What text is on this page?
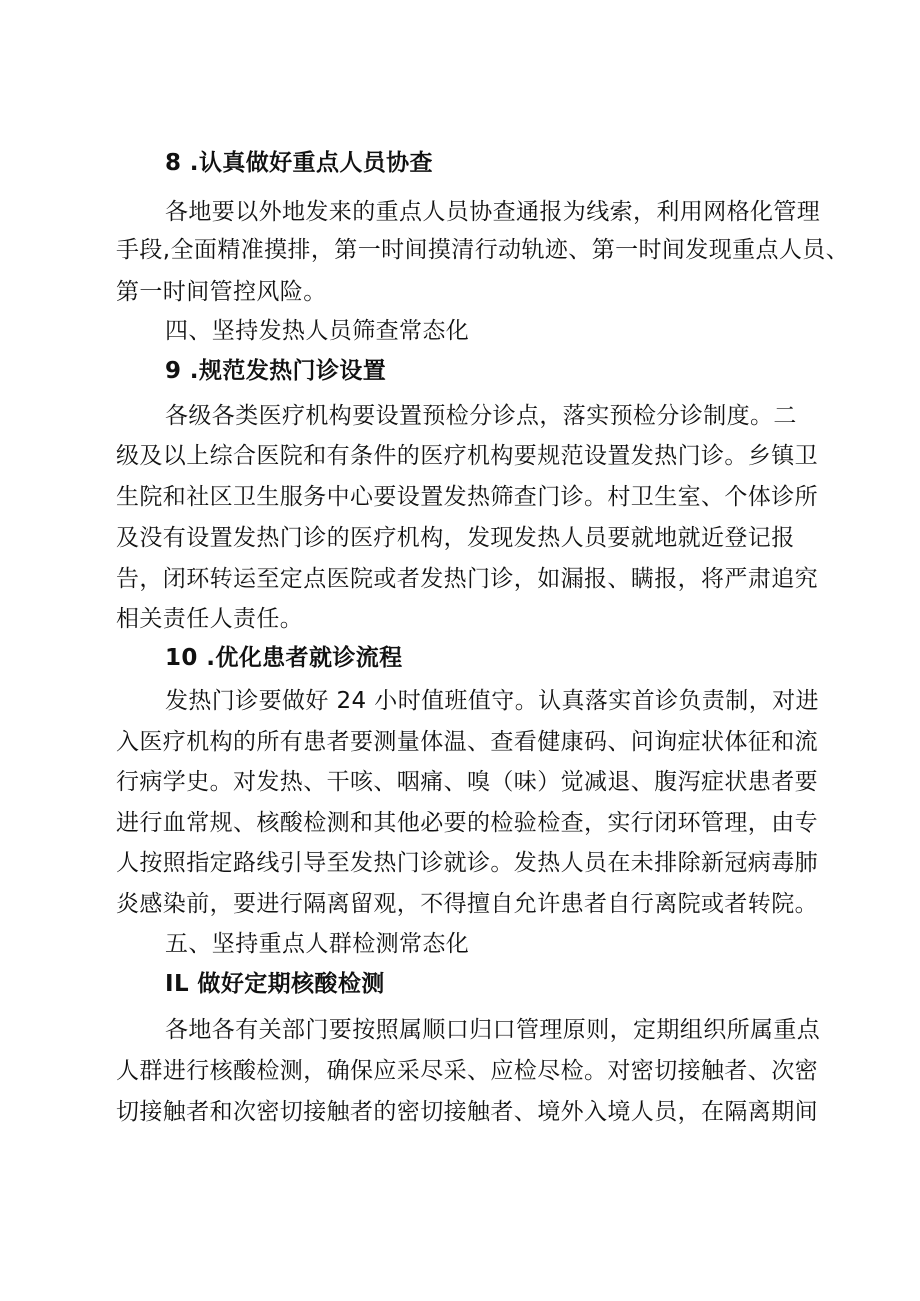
8 .认真做好重点人员协查
各地要以外地发来的重点人员协查通报为线索，利用网格化管理
手段,全面精准摸排，第一时间摸清行动轨迹、第一时间发现重点人员、
第一时间管控风险。
四、坚持发热人员筛查常态化
9 .规范发热门诊设置
各级各类医疗机构要设置预检分诊点，落实预检分诊制度。二
级及以上综合医院和有条件的医疗机构要规范设置发热门诊。乡镇卫
生院和社区卫生服务中心要设置发热筛查门诊。村卫生室、个体诊所
及没有设置发热门诊的医疗机构，发现发热人员要就地就近登记报
告，闭环转运至定点医院或者发热门诊，如漏报、瞒报，将严肃追究
相关责任人责任。
10 .优化患者就诊流程
发热门诊要做好 24 小时值班值守。认真落实首诊负责制，对进
入医疗机构的所有患者要测量体温、查看健康码、问询症状体征和流
行病学史。对发热、干咳、咽痛、嗅（味）觉减退、腹泻症状患者要
进行血常规、核酸检测和其他必要的检验检查，实行闭环管理，由专
人按照指定路线引导至发热门诊就诊。发热人员在未排除新冠病毒肺
炎感染前，要进行隔离留观，不得擅自允许患者自行离院或者转院。
五、坚持重点人群检测常态化
IL 做好定期核酸检测
各地各有关部门要按照属顺口归口管理原则，定期组织所属重点
人群进行核酸检测，确保应采尽采、应检尽检。对密切接触者、次密
切接触者和次密切接触者的密切接触者、境外入境人员，在隔离期间
